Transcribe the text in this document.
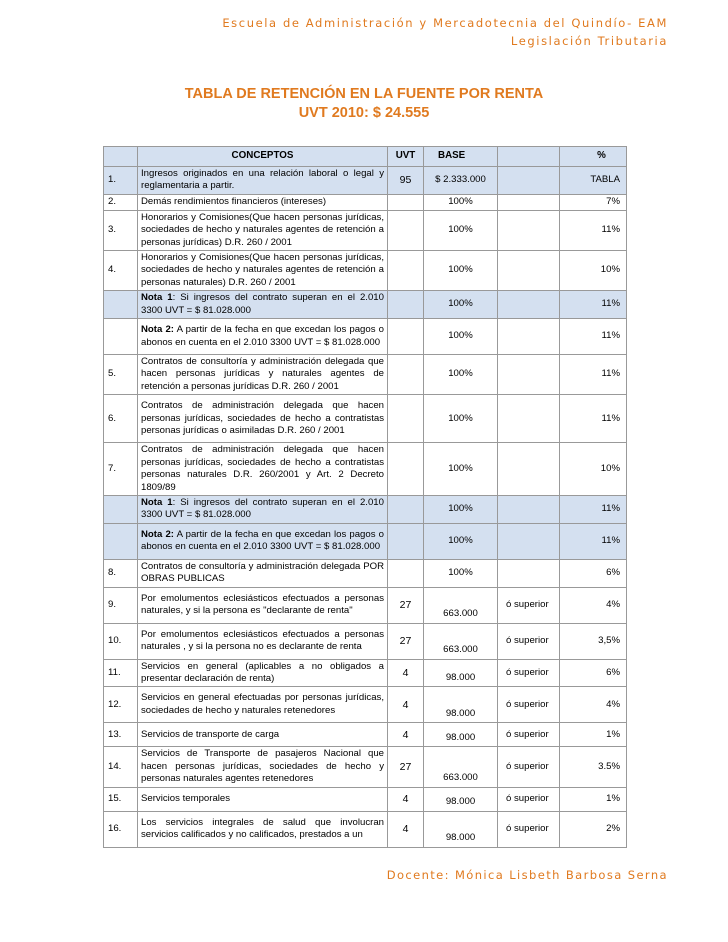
Escuela de Administración y Mercadotecnia del Quindío- EAM
Legislación Tributaria
TABLA DE RETENCIÓN EN LA FUENTE POR RENTA
UVT 2010: $ 24.555
	CONCEPTOS	UVT	BASE		%
1.	Ingresos originados en una relación laboral o legal y reglamentaria a partir.	95	$ 2.333.000		TABLA
2.	Demás rendimientos financieros (intereses)		100%		7%
3.	Honorarios y Comisiones(Que hacen personas jurídicas, sociedades de hecho y naturales agentes de retención a personas jurídicas) D.R. 260 / 2001		100%		11%
4.	Honorarios y Comisiones(Que hacen personas jurídicas, sociedades de hecho y naturales agentes de retención a personas naturales) D.R. 260 / 2001		100%		10%
	Nota 1: Si ingresos del contrato superan en el 2.010 3300 UVT = $ 81.028.000		100%		11%
	Nota 2: A partir de la fecha en que excedan los pagos o abonos en cuenta en el 2.010 3300 UVT = $ 81.028.000		100%		11%
5.	Contratos de consultoría y administración delegada que hacen personas jurídicas y naturales agentes de retención a personas jurídicas D.R. 260 / 2001		100%		11%
6.	Contratos de administración delegada que hacen personas jurídicas, sociedades de hecho a contratistas personas jurídicas o asimiladas D.R. 260 / 2001		100%		11%
7.	Contratos de administración delegada que hacen personas jurídicas, sociedades de hecho a contratistas personas naturales D.R. 260/2001 y Art. 2 Decreto 1809/89		100%		10%
	Nota 1: Si ingresos del contrato superan en el 2.010 3300 UVT = $ 81.028.000		100%		11%
	Nota 2: A partir de la fecha en que excedan los pagos o abonos en cuenta en el 2.010 3300 UVT = $ 81.028.000		100%		11%
8.	Contratos de consultoría y administración delegada POR OBRAS PUBLICAS		100%		6%
9.	Por emolumentos eclesiásticos efectuados a personas naturales, y si la persona es "declarante de renta"	27	663.000	ó superior	4%
10.	Por emolumentos eclesiásticos efectuados a personas naturales , y si la persona no es declarante de renta	27	663.000	ó superior	3,5%
11.	Servicios en general (aplicables a no obligados a presentar declaración de renta)	4	98.000	ó superior	6%
12.	Servicios en general efectuadas por personas jurídicas, sociedades de hecho y naturales retenedores	4	98.000	ó superior	4%
13.	Servicios de transporte de carga	4	98.000	ó superior	1%
14.	Servicios de Transporte de pasajeros Nacional que hacen personas jurídicas, sociedades de hecho y personas naturales agentes retenedores	27	663.000	ó superior	3.5%
15.	Servicios temporales	4	98.000	ó superior	1%
16.	Los servicios integrales de salud que involucran servicios calificados y no calificados, prestados a un	4	98.000	ó superior	2%
Docente: Mónica Lisbeth Barbosa Serna
